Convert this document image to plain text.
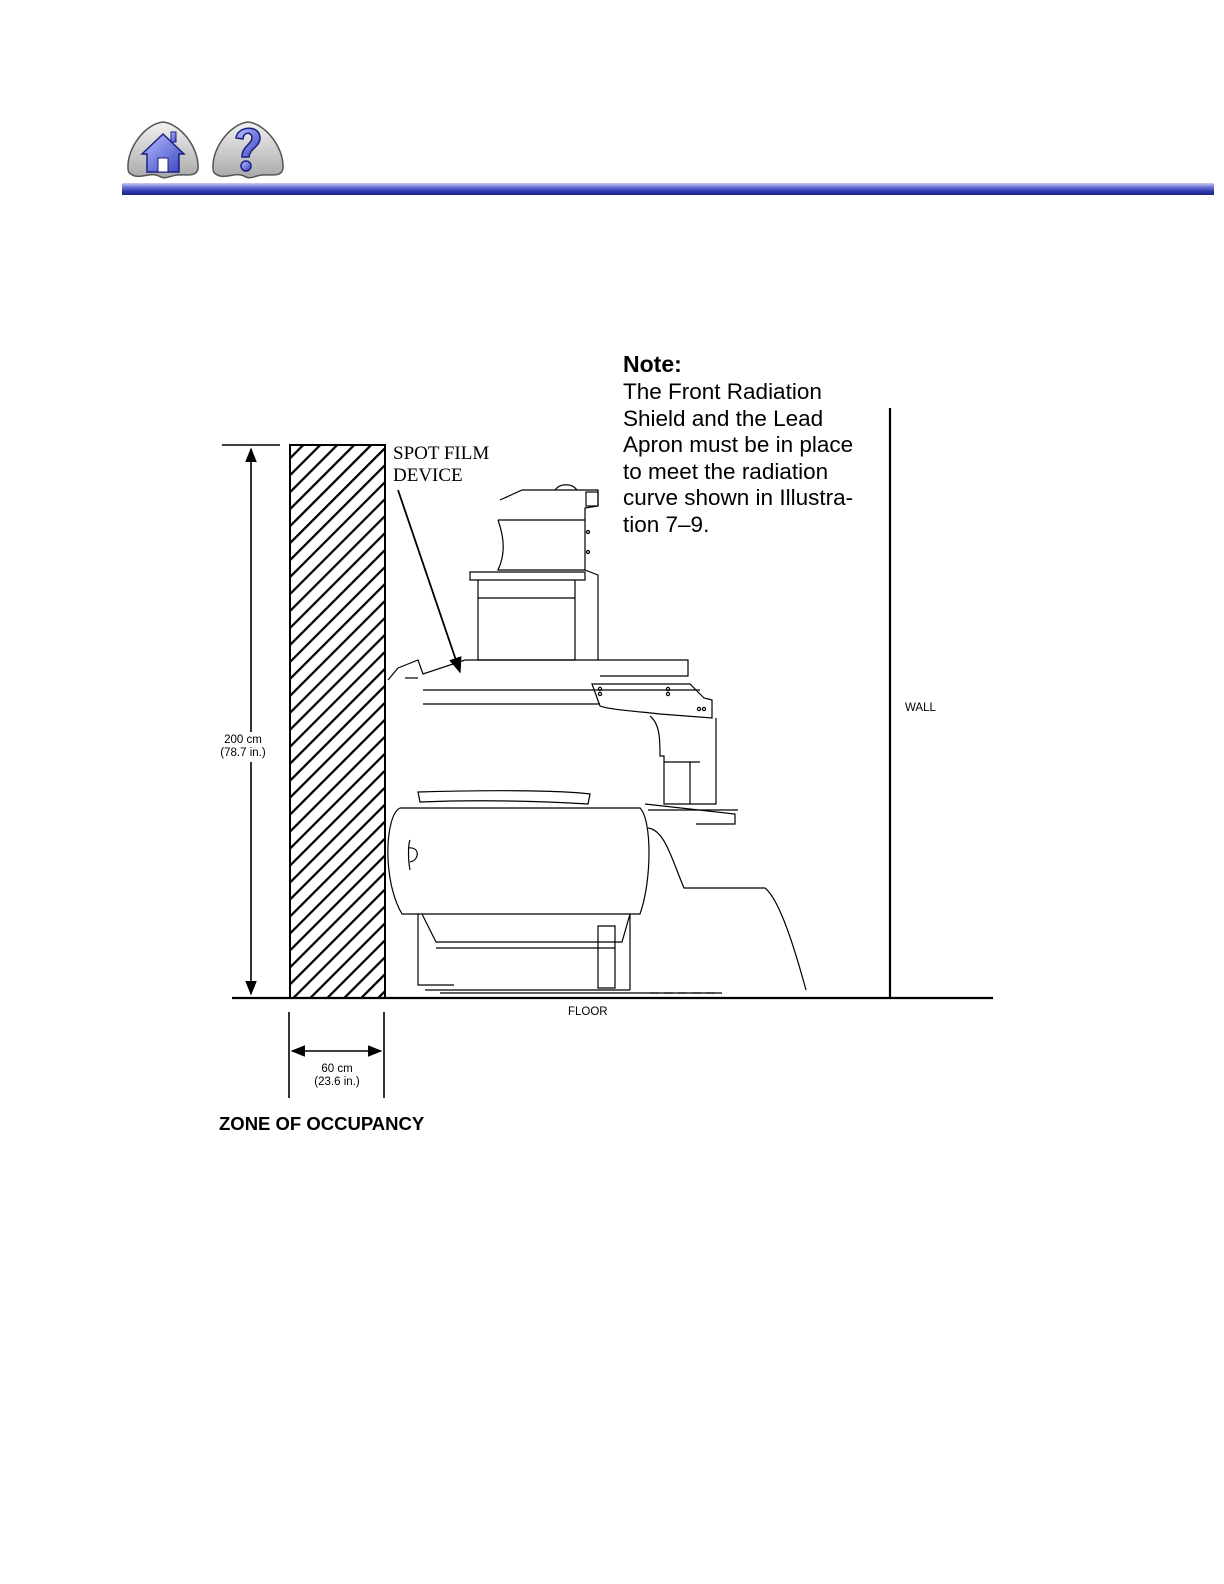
Note:
The Front Radiation
Shield and the Lead
Apron must be in place
to meet the radiation
curve shown in Illustra-
tion 7–9.
SPOT FILM
DEVICE
WALL
FLOOR
200 cm
(78.7 in.)
60 cm
(23.6 in.)
ZONE OF OCCUPANCY
